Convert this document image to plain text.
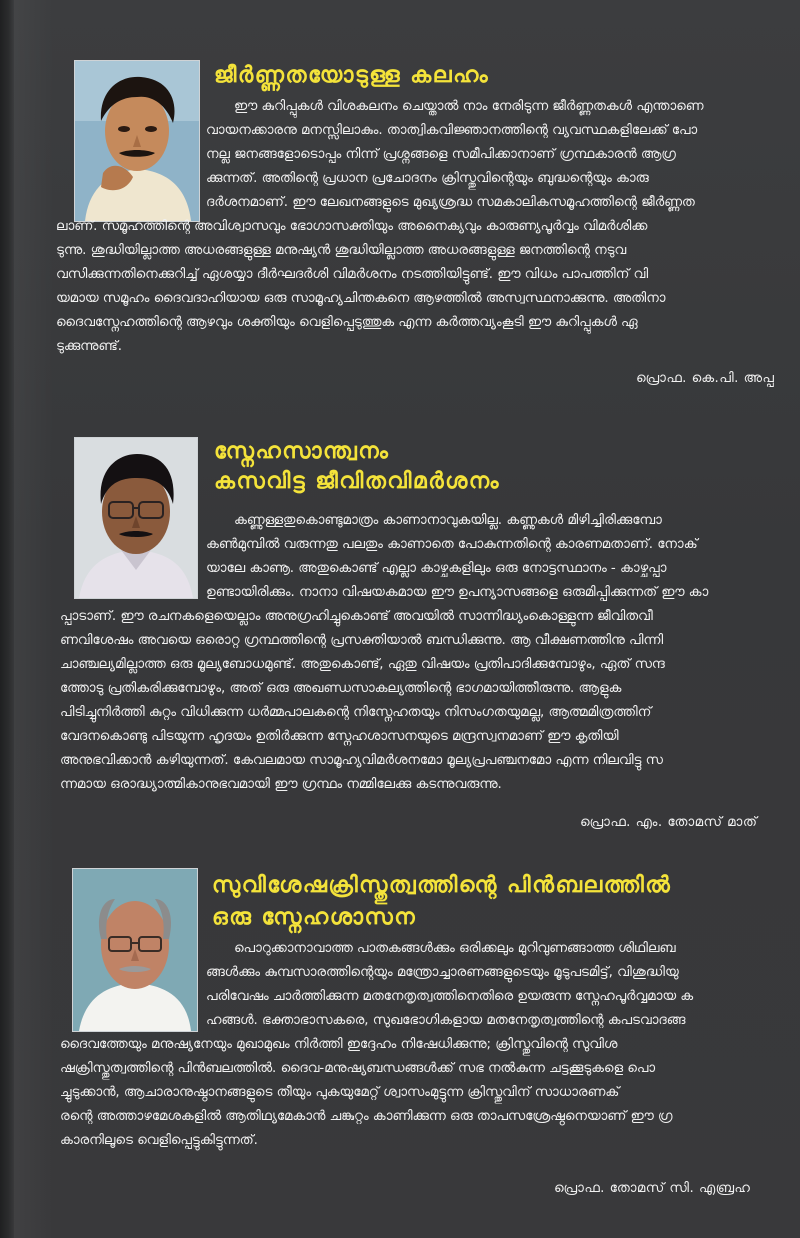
ജീർണ്ണതയോടുള്ള കലഹം

ഈ കുറിപ്പുകൾ വിശകലനം ചെയ്താൽ നാം നേരിടുന്ന ജീർണ്ണതകൾ എന്താണെ

വായനക്കാരനു മനസ്സിലാകും. താത്വികവിജ്ഞാനത്തിന്റെ വ്യവസ്ഥകളിലേക്ക് പോ

നല്ല ജനങ്ങളോടൊപ്പം നിന്ന് പ്രശ്നങ്ങളെ സമീപിക്കാനാണ് ഗ്രന്ഥകാരൻ ആഗ്ര

ക്കുന്നത്. അതിന്റെ പ്രധാന പ്രചോദനം ക്രിസ്തുവിന്റെയും ബുദ്ധന്റെയും കാരു

ദർശനമാണ്. ഈ ലേഖനങ്ങളുടെ മുഖ്യശ്രദ്ധ സമകാലികസമൂഹത്തിന്റെ ജീർണ്ണത

ലാണ്. സമൂഹത്തിന്റെ അവിശ്വാസവും ഭോഗാസക്തിയും അനൈക്യവും കാരുണ്യപൂർവ്വം വിമർശിക്ക

ടുന്നു. ശുദ്ധിയില്ലാത്ത അധരങ്ങളുള്ള മനുഷ്യൻ ശുദ്ധിയില്ലാത്ത അധരങ്ങളുള്ള ജനത്തിന്റെ നടുവ

വസിക്കുന്നതിനെക്കുറിച്ച് ഏശയ്യാ ദീർഘദർശി വിമർശനം നടത്തിയിട്ടുണ്ട്. ഈ വിധം പാപത്തിന് വി

യമായ സമൂഹം ദൈവദാഹിയായ ഒരു സാമൂഹ്യചിന്തകനെ ആഴത്തിൽ അസ്വസ്ഥനാക്കുന്നു. അതിനാ

ദൈവസ്നേഹത്തിന്റെ ആഴവും ശക്തിയും വെളിപ്പെടുത്തുക എന്ന കർത്തവ്യംകൂടി ഈ കുറിപ്പുകൾ ഏ

ടുക്കുന്നുണ്ട്.

പ്രൊഫ. കെ.പി. അപ്പ

സ്നേഹസാന്ത്വനം

കസവിട്ട ജീവിതവിമർശനം

കണ്ണുള്ളതുകൊണ്ടുമാത്രം കാണാനാവുകയില്ല. കണ്ണുകൾ മിഴിച്ചിരിക്കുമ്പോ

കൺമുമ്പിൽ വരുന്നതു പലതും കാണാതെ പോകുന്നതിന്റെ കാരണമതാണ്. നോക്

യാലേ കാണൂ. അതുകൊണ്ട് എല്ലാ കാഴ്ചകളിലും ഒരു നോട്ടസ്ഥാനം - കാഴ്ചപ്പാ

ഉണ്ടായിരിക്കും. നാനാ വിഷയകമായ ഈ ഉപന്യാസങ്ങളെ ഒരുമിപ്പിക്കുന്നത് ഈ കാ

പ്പാടാണ്. ഈ രചനകളെയെല്ലാം അനുഗ്രഹിച്ചുകൊണ്ട് അവയിൽ സാന്നിദ്ധ്യംകൊള്ളുന്ന ജീവിതവീ

ണവിശേഷം അവയെ ഒരൊറ്റ ഗ്രന്ഥത്തിന്റെ പ്രസക്തിയാൽ ബന്ധിക്കുന്നു. ആ വീക്ഷണത്തിനു പിന്നി

ചാഞ്ചല്യമില്ലാത്ത ഒരു മൂല്യബോധമുണ്ട്. അതുകൊണ്ട്, ഏതു വിഷയം പ്രതിപാദിക്കുമ്പോഴും, ഏത് സന്ദ

ത്തോടു പ്രതികരിക്കുമ്പോഴും, അത് ഒരു അഖണ്ഡസാകല്യത്തിന്റെ ഭാഗമായിത്തീരുന്നു. ആളുക

പിടിച്ചുനിർത്തി കുറ്റം വിധിക്കുന്ന ധർമ്മപാലകന്റെ നിസ്നേഹതയും നിസംഗതയുമല്ല, ആത്മമിത്രത്തിന്

വേദനകൊണ്ടു പിടയുന്ന ഹൃദയം ഉതിർക്കുന്ന സ്നേഹശാസനയുടെ മന്ദ്രസ്വനമാണ് ഈ കൃതിയി

അനുഭവിക്കാൻ കഴിയുന്നത്. കേവലമായ സാമൂഹ്യവിമർശനമോ മൂല്യപ്രപഞ്ചനമോ എന്ന നിലവിട്ടു സ

ന്നമായ ഒരാദ്ധ്യാത്മികാനുഭവമായി ഈ ഗ്രന്ഥം നമ്മിലേക്കു കടന്നുവരുന്നു.

പ്രൊഫ. എം. തോമസ് മാത്

സുവിശേഷക്രിസ്തുത്വത്തിന്റെ പിൻബലത്തിൽ

ഒരു സ്നേഹശാസന

പൊറുക്കാനാവാത്ത പാതകങ്ങൾക്കും ഒരിക്കലും മുറിവുണങ്ങാത്ത ശിഥിലബ

ങ്ങൾക്കും കുമ്പസാരത്തിന്റെയും മന്ത്രോച്ചാരണങ്ങളുടെയും മൂടുപടമിട്ട്, വിശുദ്ധിയു

പരിവേഷം ചാർത്തിക്കുന്ന മതനേതൃത്വത്തിനെതിരെ ഉയരുന്ന സ്നേഹപൂർവ്വമായ ക

ഹങ്ങൾ. ഭക്താഭാസകരെ, സുഖഭോഗികളായ മതനേതൃത്വത്തിന്റെ കപടവാദങ്ങ

ദൈവത്തേയും മനുഷ്യനേയും മുഖാമുഖം നിർത്തി ഇദ്ദേഹം നിഷേധിക്കുന്നു; ക്രിസ്തുവിന്റെ സുവിശ

ഷക്രിസ്തുത്വത്തിന്റെ പിൻബലത്തിൽ. ദൈവ-മനുഷ്യബന്ധങ്ങൾക്ക് സഭ നൽകുന്ന ചട്ടക്കൂടുകളെ പൊ

ച്ചുടുക്കാൻ, ആചാരാനുഷ്ഠാനങ്ങളുടെ തീയും പുകയുമേറ്റ് ശ്വാസംമുട്ടുന്ന ക്രിസ്തുവിന് സാധാരണക്

രന്റെ അത്താഴമേശകളിൽ ആതിഥ്യമേകാൻ ചങ്കുറ്റം കാണിക്കുന്ന ഒരു താപസശ്രേഷ്ഠനെയാണ് ഈ ഗ്ര

കാരനിലൂടെ വെളിപ്പെട്ടുകിട്ടുന്നത്.

പ്രൊഫ. തോമസ് സി. എബ്രഹ
